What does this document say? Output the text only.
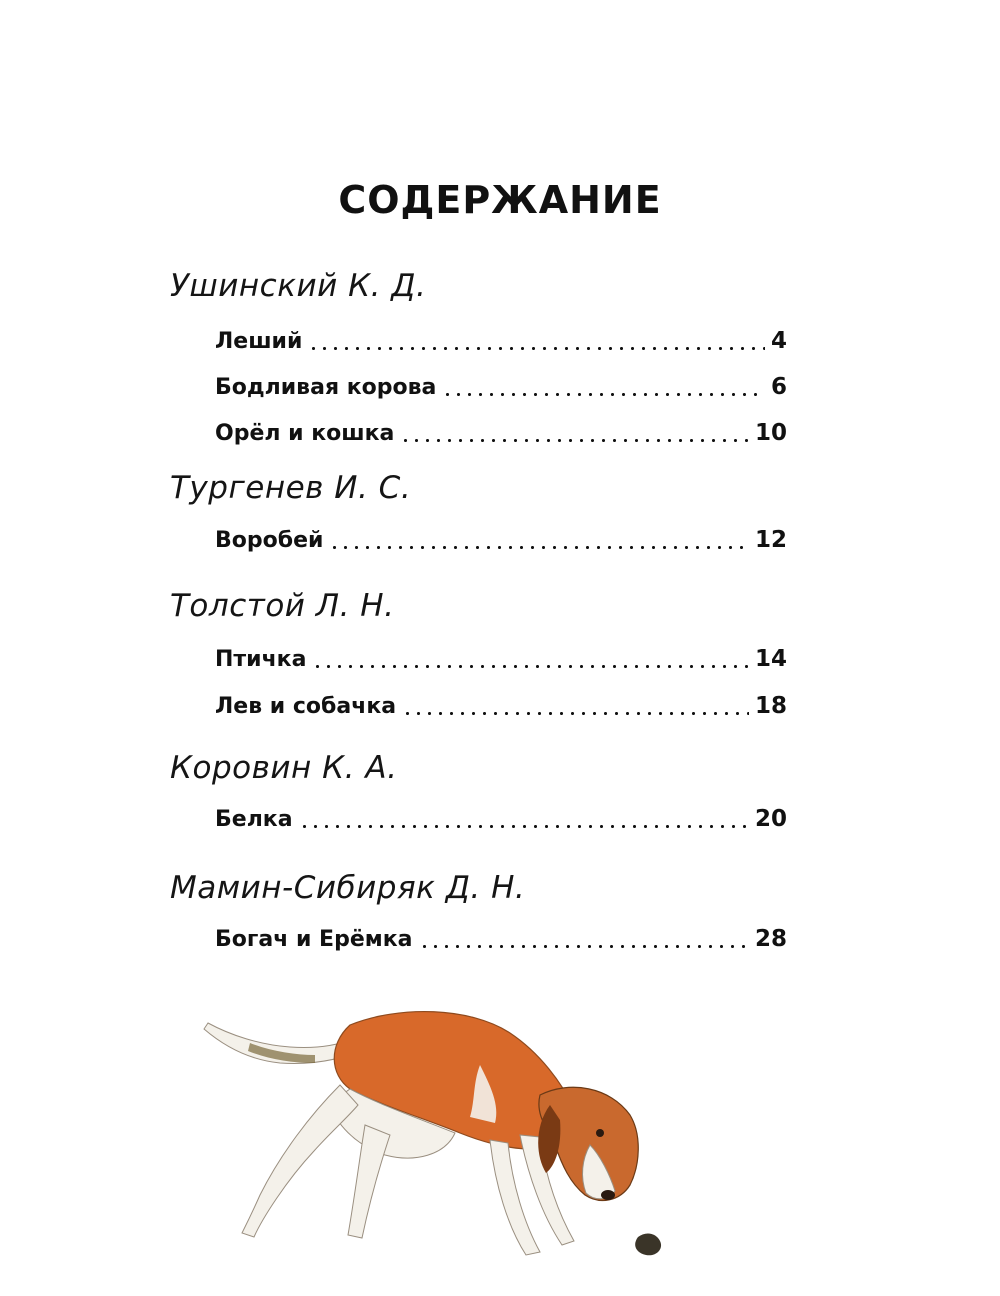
СОДЕРЖАНИЕ
Ушинский К. Д.
Леший	4
Бодливая корова	6
Орёл и кошка	10
Тургенев И. С.
Воробей	12
Толстой Л. Н.
Птичка	14
Лев и собачка	18
Коровин К. А.
Белка	20
Мамин-Сибиряк Д. Н.
Богач и Ерёмка	28
